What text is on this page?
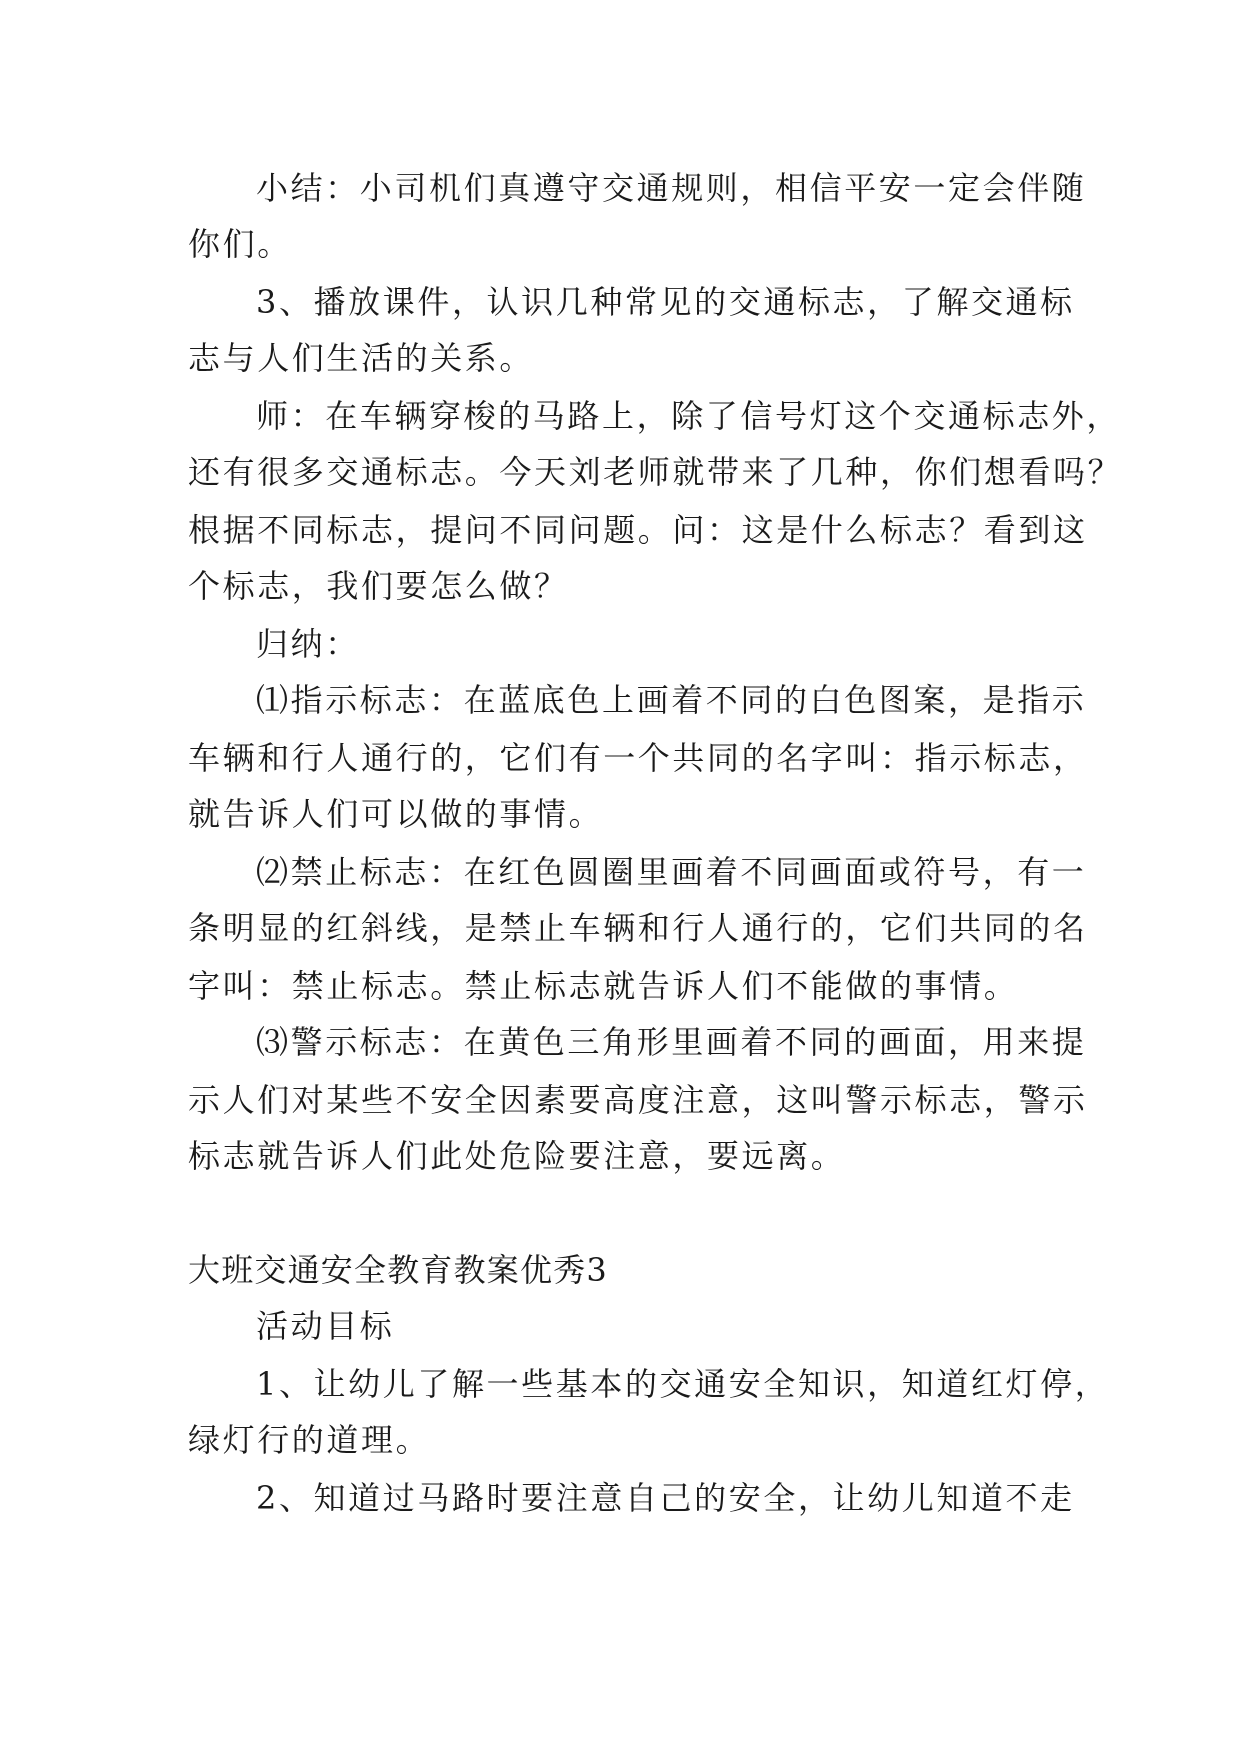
小结：小司机们真遵守交通规则，相信平安一定会伴随
你们。
3、播放课件，认识几种常见的交通标志，了解交通标
志与人们生活的关系。
师：在车辆穿梭的马路上，除了信号灯这个交通标志外，
还有很多交通标志。今天刘老师就带来了几种，你们想看吗？
根据不同标志，提问不同问题。问：这是什么标志？看到这
个标志，我们要怎么做？
归纳：
⑴指示标志：在蓝底色上画着不同的白色图案，是指示
车辆和行人通行的，它们有一个共同的名字叫：指示标志，
就告诉人们可以做的事情。
⑵禁止标志：在红色圆圈里画着不同画面或符号，有一
条明显的红斜线，是禁止车辆和行人通行的，它们共同的名
字叫：禁止标志。禁止标志就告诉人们不能做的事情。
⑶警示标志：在黄色三角形里画着不同的画面，用来提
示人们对某些不安全因素要高度注意，这叫警示标志，警示
标志就告诉人们此处危险要注意，要远离。
大班交通安全教育教案优秀3
活动目标
1、让幼儿了解一些基本的交通安全知识，知道红灯停，
绿灯行的道理。
2、知道过马路时要注意自己的安全，让幼儿知道不走
